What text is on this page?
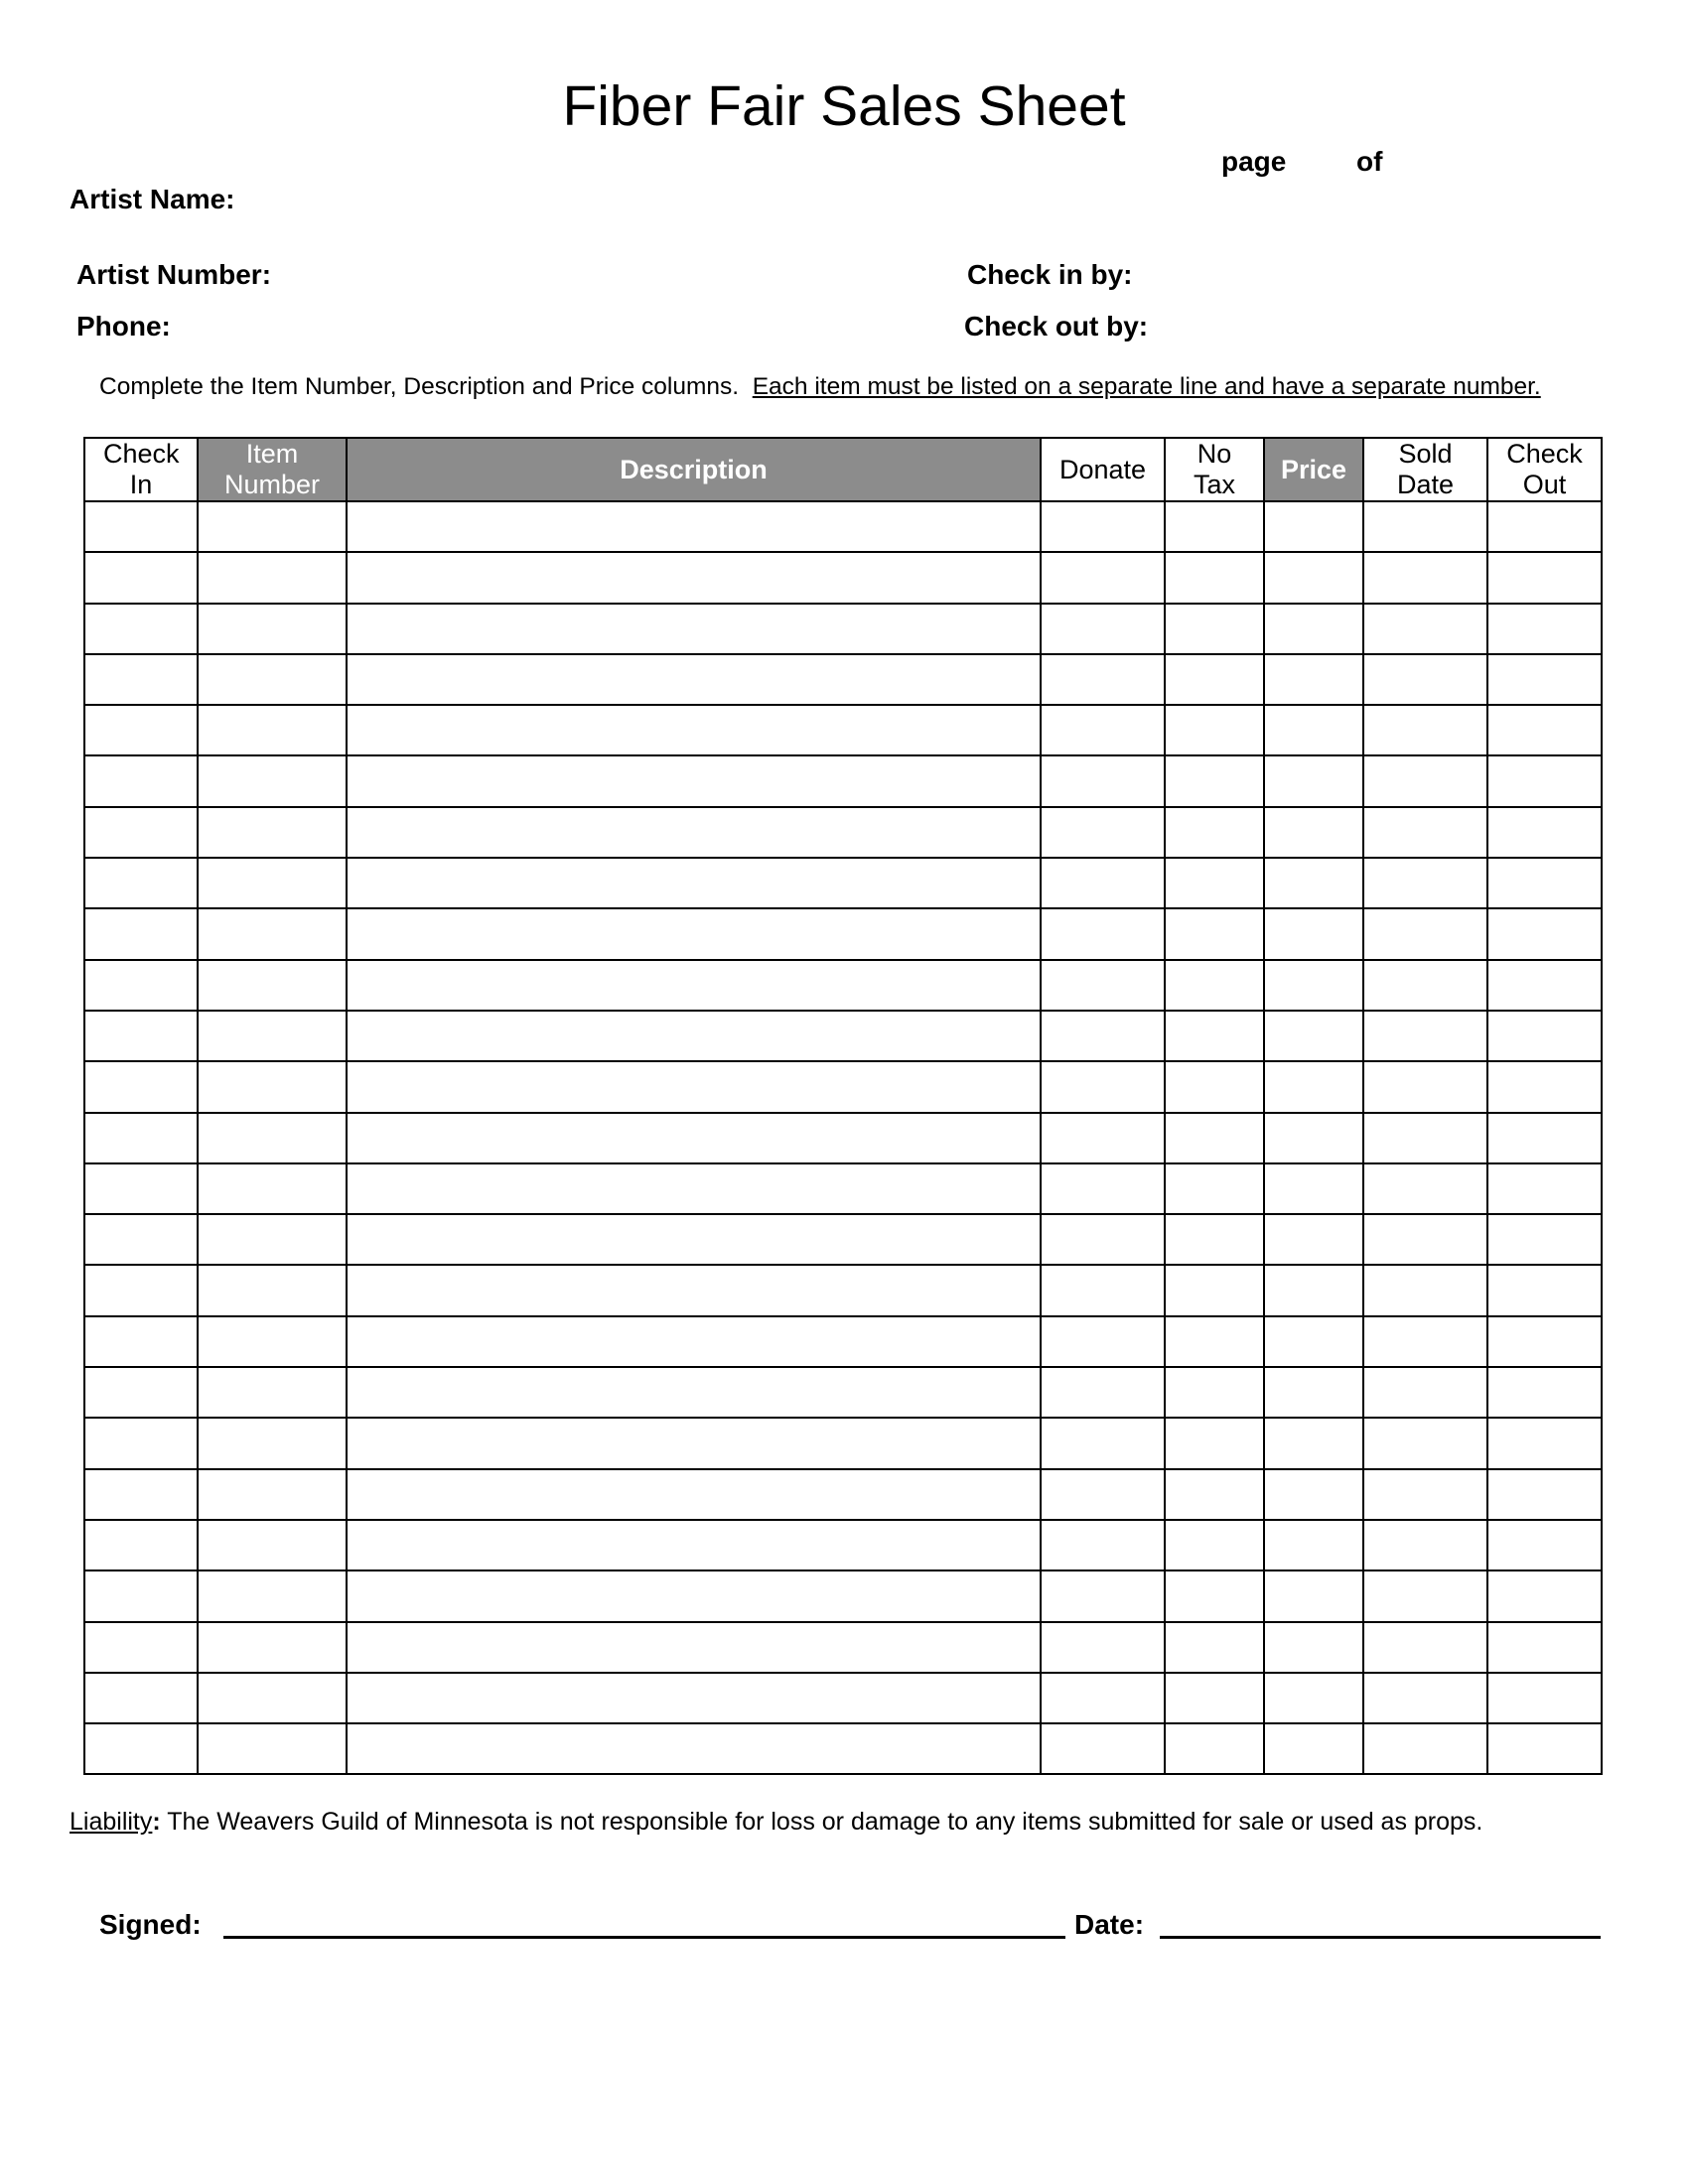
Fiber Fair Sales Sheet
page	of
Artist Name:
Artist Number:
Phone:
Check in by:
Check out by:
Complete the Item Number, Description and Price columns. Each item must be listed on a separate line and have a separate number.
Check In	Item Number	Description	Donate	No Tax	Price	Sold Date	Check Out

Liability: The Weavers Guild of Minnesota is not responsible for loss or damage to any items submitted for sale or used as props.
Signed:	Date:
